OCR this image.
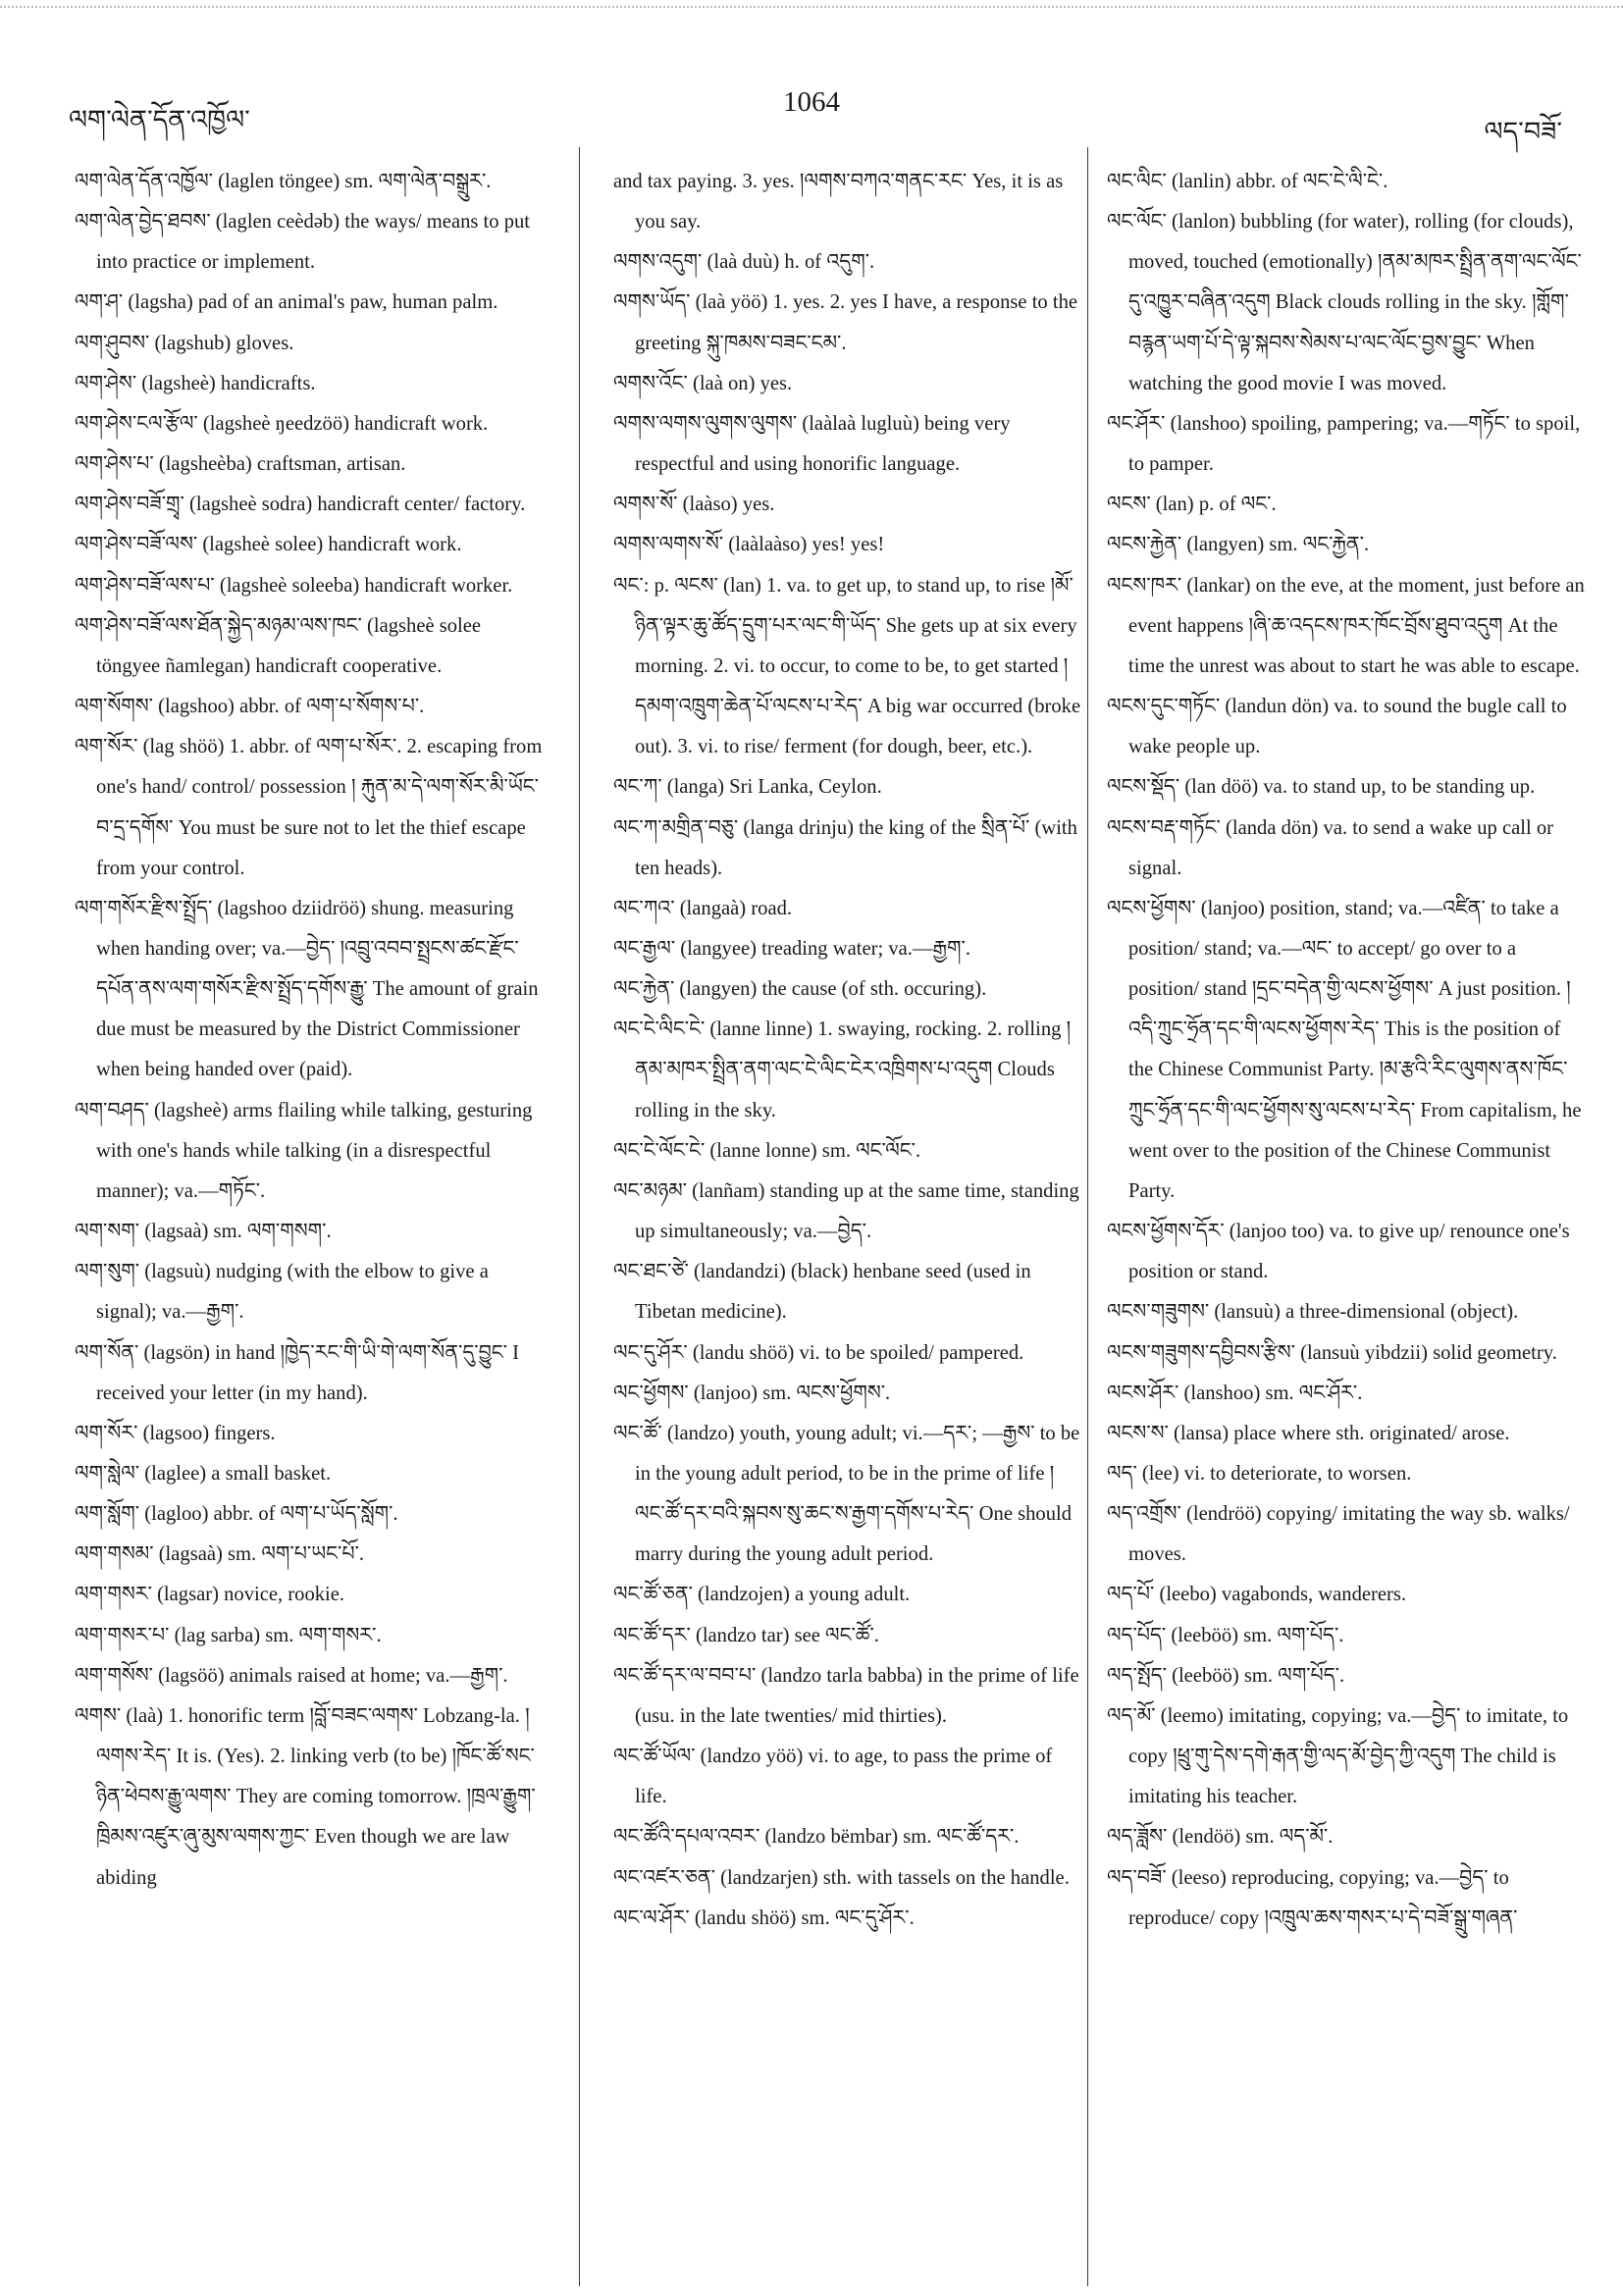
ལག་ལེན་དོན་འཁྱོལ་
1064
ལད་བཟོ་

ལག་ལེན་དོན་འཁྱོལ་ (laglen töngee) sm. ལག་ལེན་བསྒྲུར་.

ལག་ལེན་བྱེད་ཐབས་ (laglen ceèdəb) the ways/ means to put into practice or implement.

ལག་ཤ་ (lagsha) pad of an animal's paw, human palm.

ལག་ཤུབས་ (lagshub) gloves.

ལག་ཤེས་ (lagsheè) handicrafts.

ལག་ཤེས་ངལ་རྩོལ་ (lagsheè ŋeedzöö) handicraft work.

ལག་ཤེས་པ་ (lagsheèba) craftsman, artisan.

ལག་ཤེས་བཟོ་གྲྭ་ (lagsheè sodra) handicraft center/ factory.

ལག་ཤེས་བཟོ་ལས་ (lagsheè solee) handicraft work.

ལག་ཤེས་བཟོ་ལས་པ་ (lagsheè soleeba) handicraft worker.

ལག་ཤེས་བཟོ་ལས་ཐོན་སྐྱེད་མཉམ་ལས་ཁང་ (lagsheè solee töngyee ñamlegan) handicraft cooperative.

ལག་སོགས་ (lagshoo) abbr. of ལག་པ་སོགས་པ་.

ལག་སོར་ (lag shöö) 1. abbr. of ལག་པ་སོར་. 2. escaping from one's hand/ control/ possession ། རྐུན་མ་དེ་ལག་སོར་མི་ཡོང་བ་དྲ་དགོས་ You must be sure not to let the thief escape from your control.

ལག་གསོར་རྫིས་སྤྲོད་ (lagshoo dziidröö) shung. measuring when handing over; va.—བྱེད་ །འབྲུ་འབབ་སྤྲངས་ཚང་རྫོང་དཔོན་ནས་ལག་གསོར་རྫིས་སྤྲོད་དགོས་རྒྱུ་ The amount of grain due must be measured by the District Commissioner when being handed over (paid).

ལག་བཤད་ (lagsheè) arms flailing while talking, gesturing with one's hands while talking (in a disrespectful manner); va.—གཏོང་.

ལག་སག་ (lagsaà) sm. ལག་གསག་.

ལག་སུག་ (lagsuù) nudging (with the elbow to give a signal); va.—རྒྱག་.

ལག་སོན་ (lagsön) in hand །ཁྱེད་རང་གི་ཡི་གེ་ལག་སོན་དུ་བྱུང་ I received your letter (in my hand).

ལག་སོར་ (lagsoo) fingers.

ལག་སླེལ་ (laglee) a small basket.

ལག་སློག་ (lagloo) abbr. of ལག་པ་ཡོད་སློག་.

ལག་གསམ་ (lagsaà) sm. ལག་པ་ཡང་པོ་.

ལག་གསར་ (lagsar) novice, rookie.

ལག་གསར་པ་ (lag sarba) sm. ལག་གསར་.

ལག་གསོས་ (lagsöö) animals raised at home; va.—རྒྱག་.

ལགས་ (laà) 1. honorific term །བློ་བཟང་ལགས་ Lobzang-la. །ལགས་རེད་ It is. (Yes). 2. linking verb (to be) །ཁོང་ཚོ་སང་ཉིན་ཕེབས་རྒྱུ་ལགས་ They are coming tomorrow. །ཁྲལ་རྒྱུག་ཁྲིམས་འཛུར་ཞུ་མུས་ལགས་ཀྱང་ Even though we are law abiding

and tax paying. 3. yes. །ལགས་བཀའ་གནང་རང་ Yes, it is as you say.

ལགས་འདུག་ (laà duù) h. of འདུག་.

ལགས་ཡོད་ (laà yöö) 1. yes. 2. yes I have, a response to the greeting སྐུ་ཁམས་བཟང་ངམ་.

ལགས་འོང་ (laà on) yes.

ལགས་ལགས་ལུགས་ལུགས་ (laàlaà lugluù) being very respectful and using honorific language.

ལགས་སོ་ (laàso) yes.

ལགས་ལགས་སོ་ (laàlaàso) yes! yes!

ལང་: p. ལངས་ (lan) 1. va. to get up, to stand up, to rise །མོ་ཉིན་ལྟར་ཆུ་ཚོད་དྲུག་པར་ལང་གི་ཡོད་ She gets up at six every morning. 2. vi. to occur, to come to be, to get started །དམག་འཁྲུག་ཆེན་པོ་ལངས་པ་རེད་ A big war occurred (broke out). 3. vi. to rise/ ferment (for dough, beer, etc.).

ལང་ཀ་ (langa) Sri Lanka, Ceylon.

ལང་ཀ་མགྲིན་བཅུ་ (langa drinju) the king of the སྲིན་པོ་ (with ten heads).

ལང་ཀའ་ (langaà) road.

ལང་རྒྱལ་ (langyee) treading water; va.—རྒྱག་.

ལང་རྐྱེན་ (langyen) the cause (of sth. occuring).

ལང་ངེ་ལིང་ངེ་ (lanne linne) 1. swaying, rocking. 2. rolling །ནམ་མཁར་སྤྲིན་ནག་ལང་ངེ་ལིང་ངེར་འཁྲིགས་པ་འདུག Clouds rolling in the sky.

ལང་ངེ་ལོང་ངེ་ (lanne lonne) sm. ལང་ལོང་.

ལང་མཉམ་ (lanñam) standing up at the same time, standing up simultaneously; va.—བྱེད་.

ལང་ཐང་ཙེ་ (landandzi) (black) henbane seed (used in Tibetan medicine).

ལང་དུ་ཤོར་ (landu shöö) vi. to be spoiled/ pampered.

ལང་ཕྱོགས་ (lanjoo) sm. ལངས་ཕྱོགས་.

ལང་ཚོ་ (landzo) youth, young adult; vi.—དར་; —རྒྱས་ to be in the young adult period, to be in the prime of life །ལང་ཚོ་དར་བའི་སྐབས་སུ་ཆང་ས་རྒྱག་དགོས་པ་རེད་ One should marry during the young adult period.

ལང་ཚོ་ཅན་ (landzojen) a young adult.

ལང་ཚོ་དར་ (landzo tar) see ལང་ཚོ་.

ལང་ཚོ་དར་ལ་བབ་པ་ (landzo tarla babba) in the prime of life (usu. in the late twenties/ mid thirties).

ལང་ཚོ་ཡོལ་ (landzo yöö) vi. to age, to pass the prime of life.

ལང་ཚོའི་དཔལ་འབར་ (landzo bëmbar) sm. ལང་ཚོ་དར་.

ལང་འཛར་ཅན་ (landzarjen) sth. with tassels on the handle.

ལང་ལ་ཤོར་ (landu shöö) sm. ལང་དུ་ཤོར་.

ལང་ལིང་ (lanlin) abbr. of ལང་ངེ་ལི་ངེ་.

ལང་ལོང་ (lanlon) bubbling (for water), rolling (for clouds), moved, touched (emotionally) །ནམ་མཁར་སྤྲིན་ནག་ལང་ལོང་དུ་འཁྱུར་བཞིན་འདུག Black clouds rolling in the sky. །གློག་བརྙན་ཡག་པོ་དེ་ལྟ་སྐབས་སེམས་པ་ལང་ལོང་བྱས་བྱུང་ When watching the good movie I was moved.

ལང་ཤོར་ (lanshoo) spoiling, pampering; va.—གཏོང་ to spoil, to pamper.

ལངས་ (lan) p. of ལང་.

ལངས་རྐྱེན་ (langyen) sm. ལང་རྐྱེན་.

ལངས་ཁར་ (lankar) on the eve, at the moment, just before an event happens །ཞི་ཆ་འདངས་ཁར་ཁོང་བྲོས་ཐུབ་འདུག At the time the unrest was about to start he was able to escape.

ལངས་དུང་གཏོང་ (landun dön) va. to sound the bugle call to wake people up.

ལངས་སྡོད་ (lan döö) va. to stand up, to be standing up.

ལངས་བརྡ་གཏོང་ (landa dön) va. to send a wake up call or signal.

ལངས་ཕྱོགས་ (lanjoo) position, stand; va.—འཛིན་ to take a position/ stand; va.—ལང་ to accept/ go over to a position/ stand །དྲང་བདེན་གྱི་ལངས་ཕྱོགས་ A just position. །འདི་ཀྲུང་ཧྲོན་དང་གི་ལངས་ཕྱོགས་རེད་ This is the position of the Chinese Communist Party. །མ་རྩའི་རིང་ལུགས་ནས་ཁོང་ཀྲུང་ཧྲོན་དང་གི་ལང་ཕྱོགས་སུ་ལངས་པ་རེད་ From capitalism, he went over to the position of the Chinese Communist Party.

ལངས་ཕྱོགས་དོར་ (lanjoo too) va. to give up/ renounce one's position or stand.

ལངས་གཟུགས་ (lansuù) a three-dimensional (object).

ལངས་གཟུགས་དབྱིབས་རྩིས་ (lansuù yibdzii) solid geometry.

ལངས་ཤོར་ (lanshoo) sm. ལང་ཤོར་.

ལངས་ས་ (lansa) place where sth. originated/ arose.

ལད་ (lee) vi. to deteriorate, to worsen.

ལད་འགྲོས་ (lendröö) copying/ imitating the way sb. walks/ moves.

ལད་པོ་ (leebo) vagabonds, wanderers.

ལད་པོད་ (leeböö) sm. ལག་པོད་.

ལད་སྤོད་ (leeböö) sm. ལག་པོད་.

ལད་མོ་ (leemo) imitating, copying; va.—བྱེད་ to imitate, to copy །ཕྲུ་གུ་དེས་དགེ་རྒན་གྱི་ལད་མོ་བྱེད་ཀྱི་འདུག The child is imitating his teacher.

ལད་ཟློས་ (lendöö) sm. ལད་མོ་.

ལད་བཟོ་ (leeso) reproducing, copying; va.—བྱེད་ to reproduce/ copy །འཁྲུལ་ཆས་གསར་པ་དེ་བཟོ་སྒྲུ་གཞན་
